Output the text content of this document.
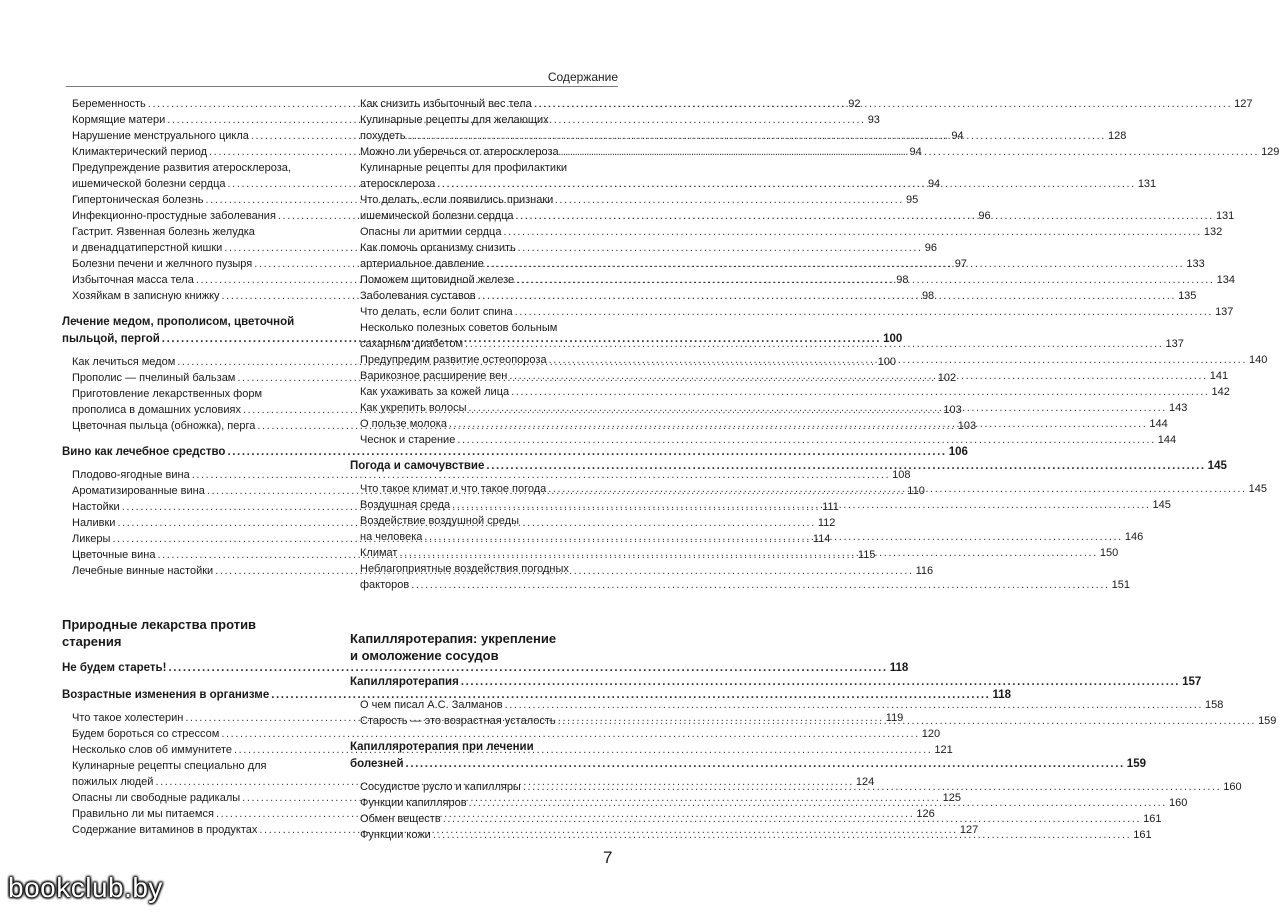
Содержание
Беременность .....	92
Кормящие матери .....	93
Нарушение менструального цикла .....	94
Климактерический период .....	94
Предупреждение развития атеросклероза,
ишемической болезни сердца .....	94
Гипертоническая болезнь .....	95
Инфекционно-простудные заболевания .....	96
Гастрит. Язвенная болезнь желудка
и двенадцатиперстной кишки .....	96
Болезни печени и желчного пузыря .....	97
Избыточная масса тела .....	98
Хозяйкам в записную книжку .....	98
Лечение медом, прополисом, цветочной
пыльцой, пергой .....	100
Как лечиться медом .....	100
Прополис — пчелиный бальзам .....	102
Приготовление лекарственных форм
прополиса в домашних условиях .....	103
Цветочная пыльца (обножка), перга .....	103
Вино как лечебное средство .....	106
Плодово-ягодные вина .....	108
Ароматизированные вина .....	110
Настойки .....	111
Наливки .....	112
Ликеры .....	114
Цветочные вина .....	115
Лечебные винные настойки .....	116
Природные лекарства против
старения
Не будем стареть! .....	118
Возрастные изменения в организме .....	118
Что такое холестерин .....	119
Будем бороться со стрессом .....	120
Несколько слов об иммунитете .....	121
Кулинарные рецепты специально для
пожилых людей .....	124
Опасны ли свободные радикалы .....	125
Правильно ли мы питаемся .....	126
Содержание витаминов в продуктах .....	127
Как снизить избыточный вес тела .....	127
Кулинарные рецепты для желающих
похудеть .....	128
Можно ли уберечься от атеросклероза .....	129
Кулинарные рецепты для профилактики
атеросклероза .....	131
Что делать, если появились признаки
ишемической болезни сердца .....	131
Опасны ли аритмии сердца .....	132
Как помочь организму снизить
артериальное давление .....	133
Поможем щитовидной железе .....	134
Заболевания суставов .....	135
Что делать, если болит спина .....	137
Несколько полезных советов больным
сахарным диабетом .....	137
Предупредим развитие остеопороза .....	140
Варикозное расширение вен .....	141
Как ухаживать за кожей лица .....	142
Как укрепить волосы .....	143
О пользе молока .....	144
Чеснок и старение .....	144
Погода и самочувствие .....	145
Что такое климат и что такое погода .....	145
Воздушная среда .....	145
Воздействие воздушной среды
на человека .....	146
Климат .....	150
Неблагоприятные воздействия погодных
факторов .....	151
Капилляротерапия: укрепление
и омоложение сосудов
Капилляротерапия .....	157
О чем писал А.С. Залманов .....	158
Старость — это возрастная усталость .....	159
Капилляротерапия при лечении
болезней .....	159
Сосудистое русло и капилляры .....	160
Функции капилляров .....	160
Обмен веществ .....	161
Функции кожи .....	161
7
bookclub.by
